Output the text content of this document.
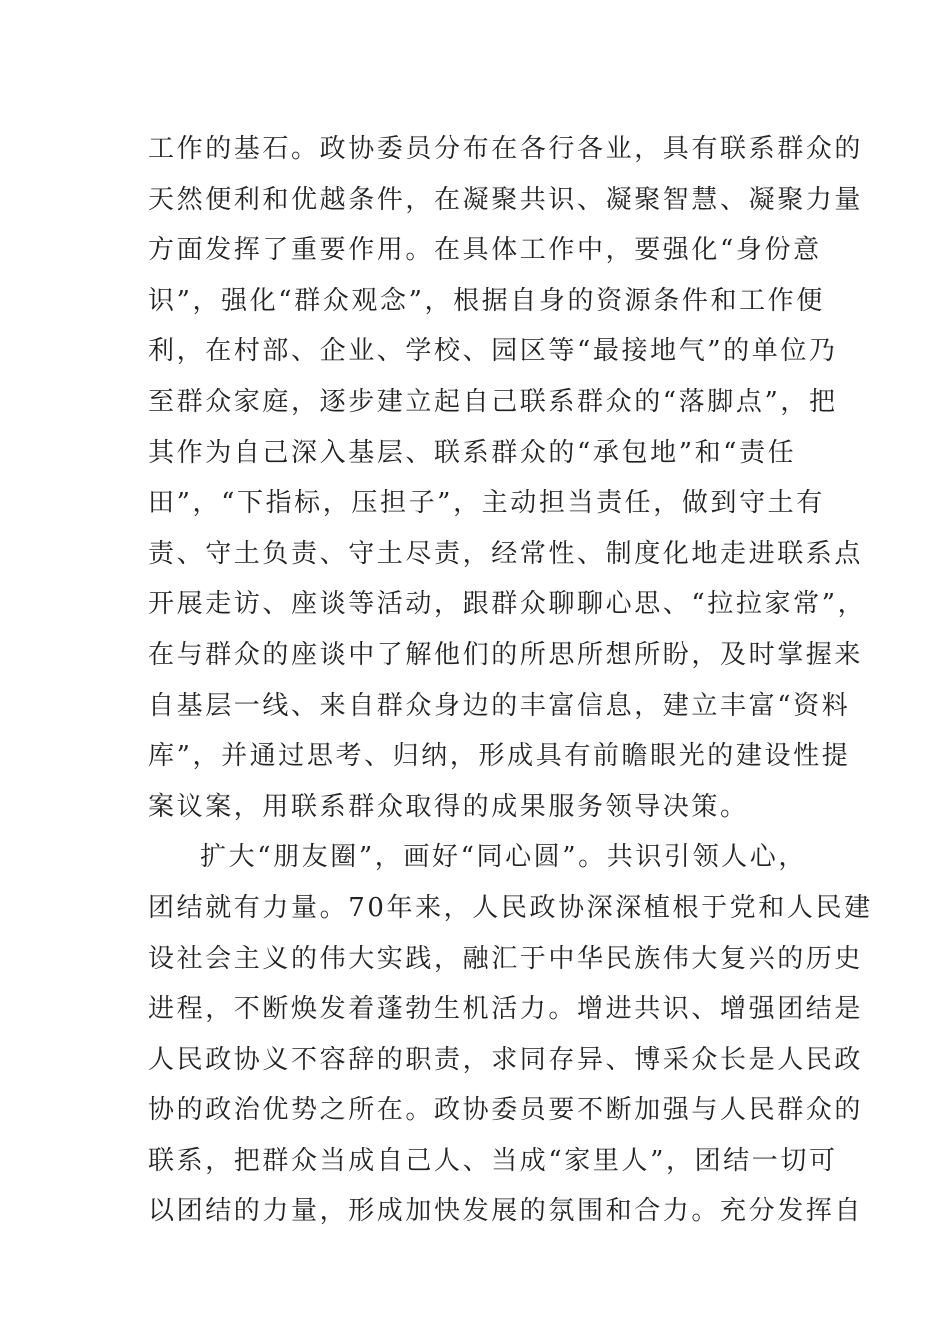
工作的基石。政协委员分布在各行各业，具有联系群众的
天然便利和优越条件，在凝聚共识、凝聚智慧、凝聚力量
方面发挥了重要作用。在具体工作中，要强化“身份意
识”，强化“群众观念”，根据自身的资源条件和工作便
利，在村部、企业、学校、园区等“最接地气”的单位乃
至群众家庭，逐步建立起自己联系群众的“落脚点”，把
其作为自己深入基层、联系群众的“承包地”和“责任
田”，“下指标，压担子”，主动担当责任，做到守土有
责、守土负责、守土尽责，经常性、制度化地走进联系点
开展走访、座谈等活动，跟群众聊聊心思、“拉拉家常”，
在与群众的座谈中了解他们的所思所想所盼，及时掌握来
自基层一线、来自群众身边的丰富信息，建立丰富“资料
库”，并通过思考、归纳，形成具有前瞻眼光的建设性提
案议案，用联系群众取得的成果服务领导决策。
扩大“朋友圈”，画好“同心圆”。共识引领人心，
团结就有力量。70年来，人民政协深深植根于党和人民建
设社会主义的伟大实践，融汇于中华民族伟大复兴的历史
进程，不断焕发着蓬勃生机活力。增进共识、增强团结是
人民政协义不容辞的职责，求同存异、博采众长是人民政
协的政治优势之所在。政协委员要不断加强与人民群众的
联系，把群众当成自己人、当成“家里人”，团结一切可
以团结的力量，形成加快发展的氛围和合力。充分发挥自
